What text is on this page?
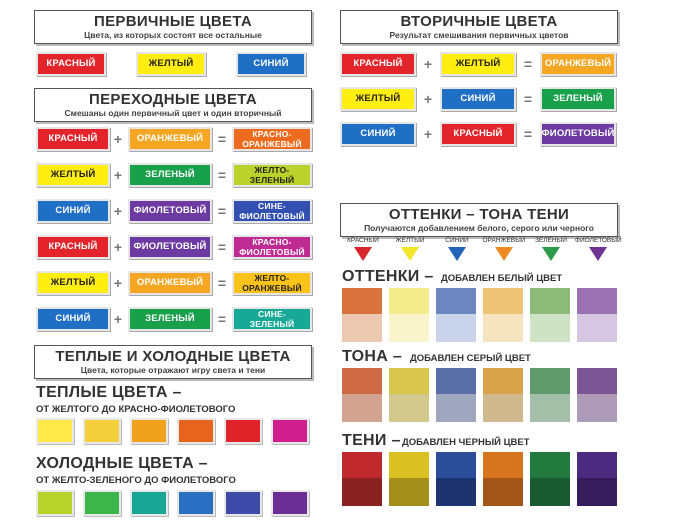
ПЕРВИЧНЫЕ ЦВЕТА
Цвета, из которых состоят все остальные
КРАСНЫЙ	ЖЕЛТЫЙ	СИНИЙ
ВТОРИЧНЫЕ ЦВЕТА
Результат смешивания первичных цветов
КРАСНЫЙ	+	ЖЕЛТЫЙ	=	ОРАНЖЕВЫЙ
ЖЕЛТЫЙ	+	СИНИЙ	=	ЗЕЛЕНЫЙ
СИНИЙ	+	КРАСНЫЙ	= ФИОЛЕТОВЫЙ
ПЕРЕХОДНЫЕ ЦВЕТА
Смешаны один первичный цвет и один вторичный
КРАСНЫЙ	+	ОРАНЖЕВЫЙ	=	КРАСНО-
ОРАНЖЕВЫЙ
ЖЕЛТЫЙ	+	ЗЕЛЕНЫЙ	=	ЖЕЛТО-
ЗЕЛЕНЫЙ
СИНИЙ	+	ФИОЛЕТОВЫЙ =	СИНЕ-
ФИОЛЕТОВЫЙ
КРАСНЫЙ	+	ФИОЛЕТОВЫЙ =	КРАСНО-
ФИОЛЕТОВЫЙ
ЖЕЛТЫЙ	+	ОРАНЖЕВЫЙ	=	ЖЕЛТО-
ОРАНЖЕВЫЙ
СИНИЙ	+	ЗЕЛЕНЫЙ	=	СИНЕ-
ЗЕЛЕНЫЙ
ТЕПЛЫЕ И ХОЛОДНЫЕ ЦВЕТА
Цвета, которые отражают игру света и тени
ТЕПЛЫЕ ЦВЕТА –
ОТ ЖЕЛТОГО ДО КРАСНО-ФИОЛЕТОВОГО
ХОЛОДНЫЕ ЦВЕТА –
ОТ ЖЕЛТО-ЗЕЛЕНОГО ДО ФИОЛЕТОВОГО
ОТТЕНКИ – ТОНА ТЕНИ
Получаются добавлением белого, серого или черного
КРАСНЫЙ	ЖЕЛТЫЙ	СИНИЙ	ОРАНЖЕВЫЙ	ЗЕЛЕНЫЙ	ФИОЛЕТОВЫЙ
ОТТЕНКИ – ДОБАВЛЕН БЕЛЫЙ ЦВЕТ
ТОНА – ДОБАВЛЕН СЕРЫЙ ЦВЕТ
ТЕНИ – ДОБАВЛЕН ЧЕРНЫЙ ЦВЕТ
